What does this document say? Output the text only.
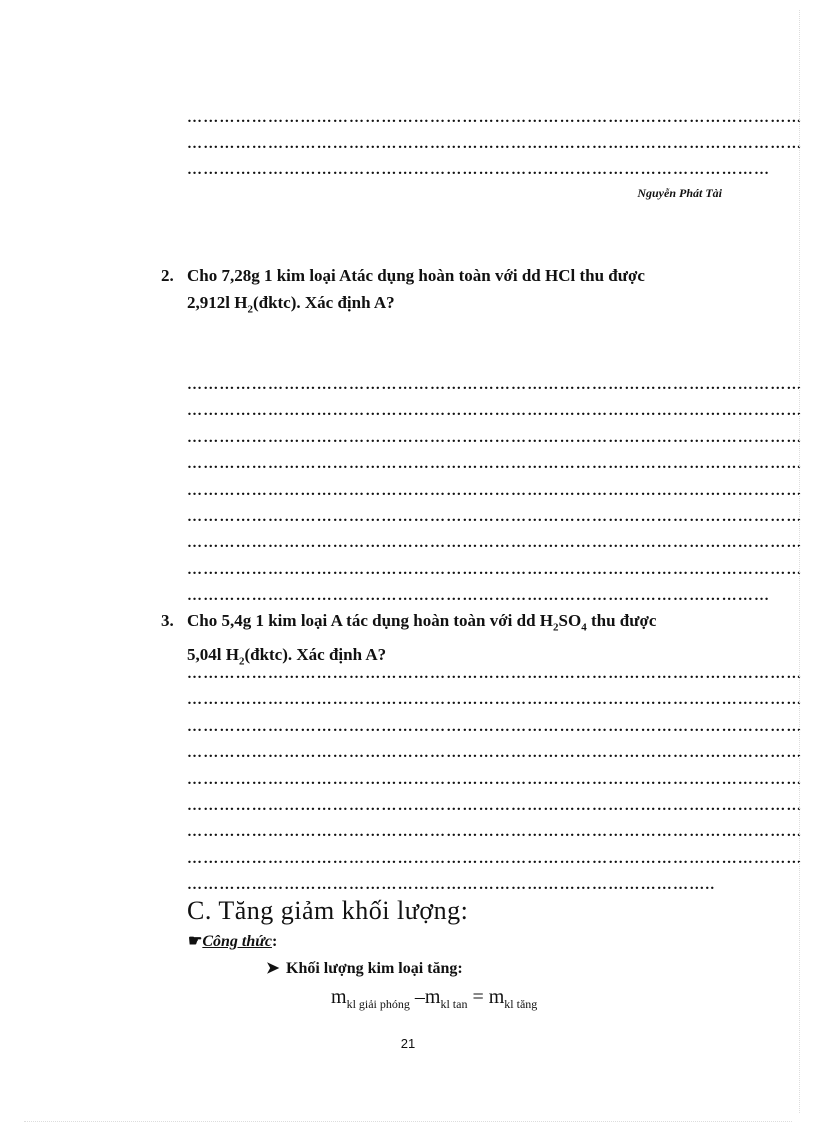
……………………………………………………………………………………………………
……………………………………………………………………………………………………
………………………………………………………………………………………………
Nguyễn Phát Tài
2. Cho 7,28g 1 kim loại Atác dụng hoàn toàn với dd HCl thu được
2,912l $H_2(đktc)$. Xác định A?
……………………………………………………………………………………………………
……………………………………………………………………………………………………
……………………………………………………………………………………………………
……………………………………………………………………………………………………
……………………………………………………………………………………………………
……………………………………………………………………………………………………
……………………………………………………………………………………………………
……………………………………………………………………………………………………
………………………………………………………………………………………………
3. Cho 5,4g 1 kim loại A tác dụng hoàn toàn với dd $H_2SO_4$ thu được
5,04l $H_2(đktc)$. Xác định A?
……………………………………………………………………………………………………
……………………………………………………………………………………………………
……………………………………………………………………………………………………
……………………………………………………………………………………………………
……………………………………………………………………………………………………
……………………………………………………………………………………………………
……………………………………………………………………………………………………
……………………………………………………………………………………………………
……………………………………………………………………………………..
C. Tăng giảm khối lượng:
☛Công thức:
➤ Khối lượng kim loại tăng:
$m_{kl giải phóng}$ $-m_{kl tan} = m_{kl tăng}$
21
